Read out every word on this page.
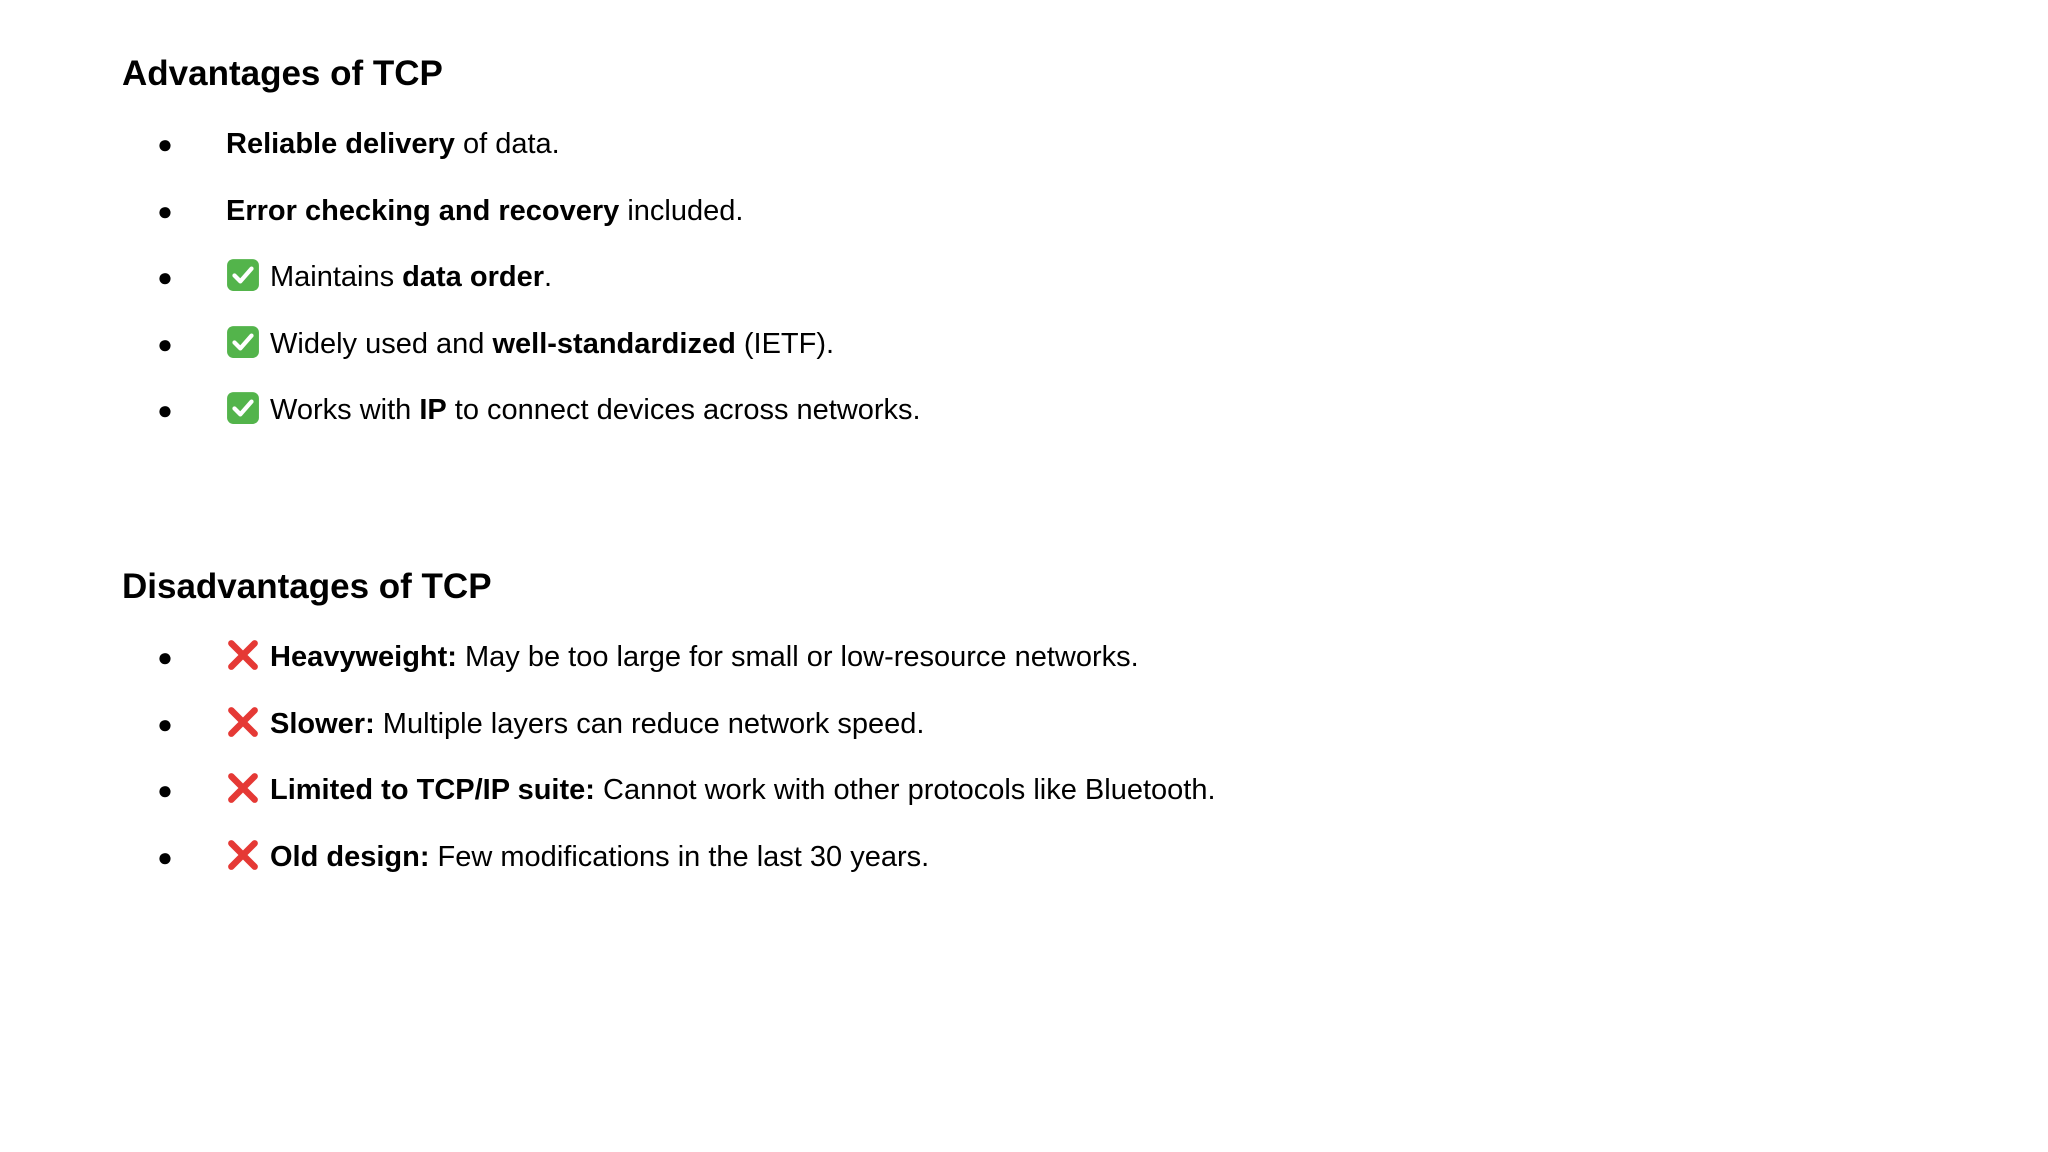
Advantages of TCP
● Reliable delivery of data.
● Error checking and recovery included.
●	Maintains data order.
●	Widely used and well-standardized (IETF).
●	Works with IP to connect devices across networks.
Disadvantages of TCP
●	Heavyweight: May be too large for small or low-resource networks.
●	Slower: Multiple layers can reduce network speed.
●	Limited to TCP/IP suite: Cannot work with other protocols like Bluetooth.
●	Old design: Few modifications in the last 30 years.
